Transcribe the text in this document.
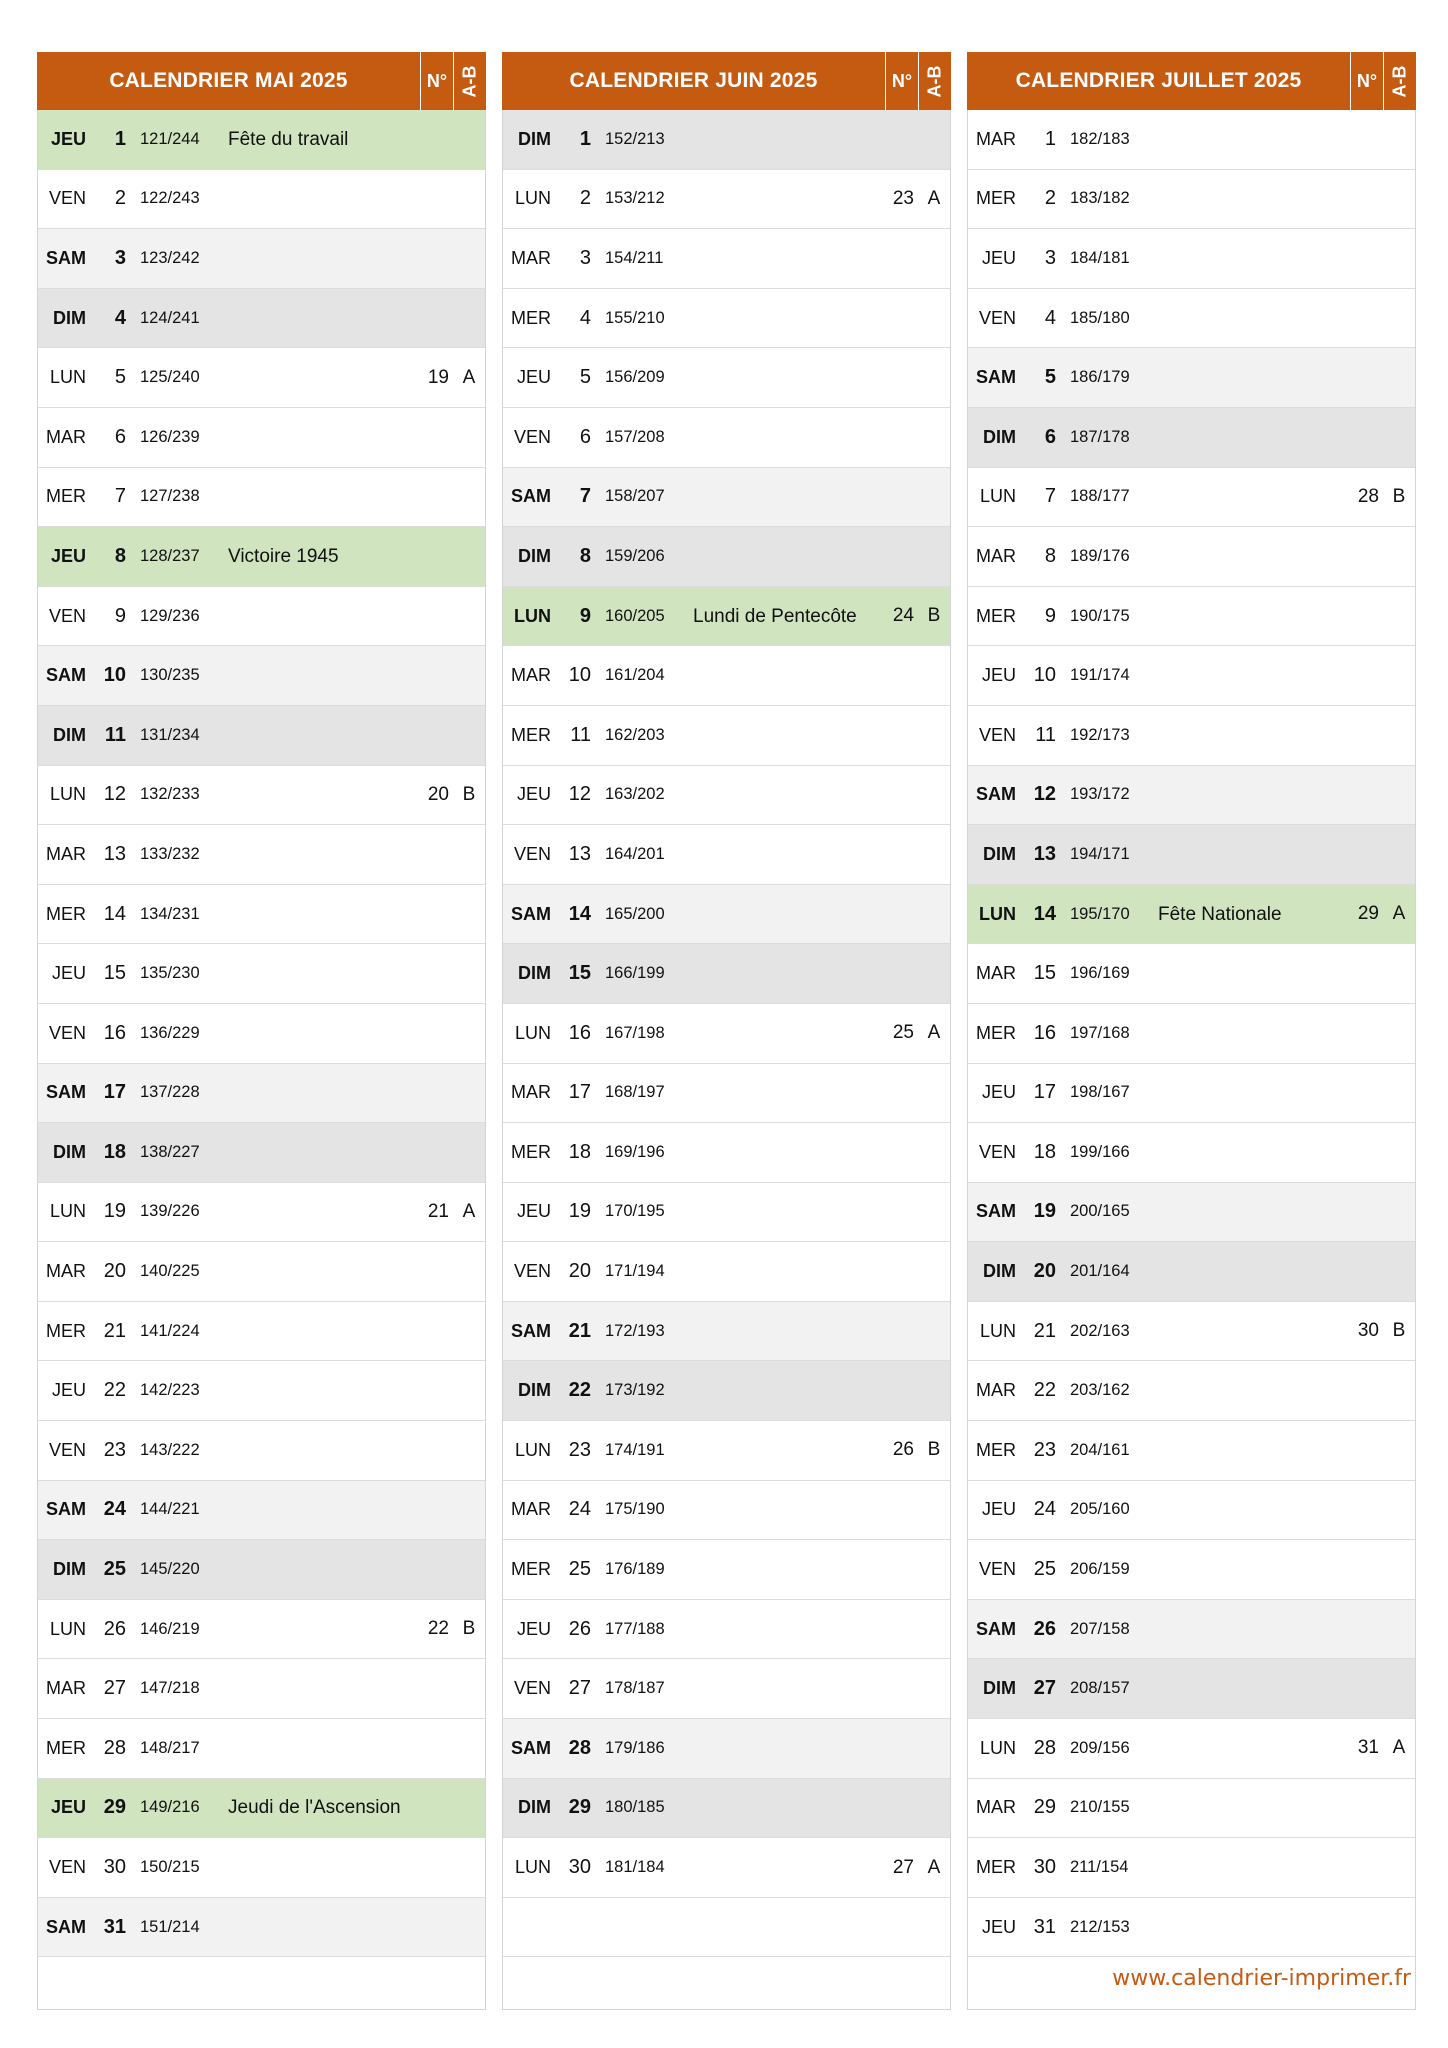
CALENDRIER MAI 2025	N° A-B
JEU	1 121/244	Fête du travail
VEN	2 122/243
SAM	3 123/242
DIM	4 124/241
LUN	5 125/240	19 A
MAR	6 126/239
MER	7 127/238
JEU	8 128/237	Victoire 1945
VEN	9 129/236
SAM 10 130/235
DIM 11 131/234
LUN 12 132/233	20 B
MAR 13 133/232
MER 14 134/231
JEU 15 135/230
VEN 16 136/229
SAM 17 137/228
DIM 18 138/227
LUN 19 139/226	21 A
MAR 20 140/225
MER 21 141/224
JEU 22 142/223
VEN 23 143/222
SAM 24 144/221
DIM 25 145/220
LUN 26 146/219	22 B
MAR 27 147/218
MER 28 148/217
JEU 29 149/216	Jeudi de l'Ascension
VEN 30 150/215
SAM 31 151/214
CALENDRIER JUIN 2025	N° A-B
DIM	1 152/213
LUN	2 153/212	23 A
MAR	3 154/211
MER	4 155/210
JEU	5 156/209
VEN	6 157/208
SAM	7 158/207
DIM	8 159/206
LUN	9 160/205	Lundi de Pentecôte	24 B
MAR 10 161/204
MER 11 162/203
JEU 12 163/202
VEN 13 164/201
SAM 14 165/200
DIM 15 166/199
LUN 16 167/198	25 A
MAR 17 168/197
MER 18 169/196
JEU 19 170/195
VEN 20 171/194
SAM 21 172/193
DIM 22 173/192
LUN 23 174/191	26 B
MAR 24 175/190
MER 25 176/189
JEU 26 177/188
VEN 27 178/187
SAM 28 179/186
DIM 29 180/185
LUN 30 181/184	27 A
CALENDRIER JUILLET 2025	N° A-B
MAR	1 182/183
MER	2 183/182
JEU	3 184/181
VEN	4 185/180
SAM	5 186/179
DIM	6 187/178
LUN	7 188/177	28 B
MAR	8 189/176
MER	9 190/175
JEU 10 191/174
VEN 11 192/173
SAM 12 193/172
DIM 13 194/171
LUN 14 195/170	Fête Nationale	29 A
MAR 15 196/169
MER 16 197/168
JEU 17 198/167
VEN 18 199/166
SAM 19 200/165
DIM 20 201/164
LUN 21 202/163	30 B
MAR 22 203/162
MER 23 204/161
JEU 24 205/160
VEN 25 206/159
SAM 26 207/158
DIM 27 208/157
LUN 28 209/156	31 A
MAR 29 210/155
MER 30 211/154
JEU 31 212/153
www.calendrier-imprimer.fr
